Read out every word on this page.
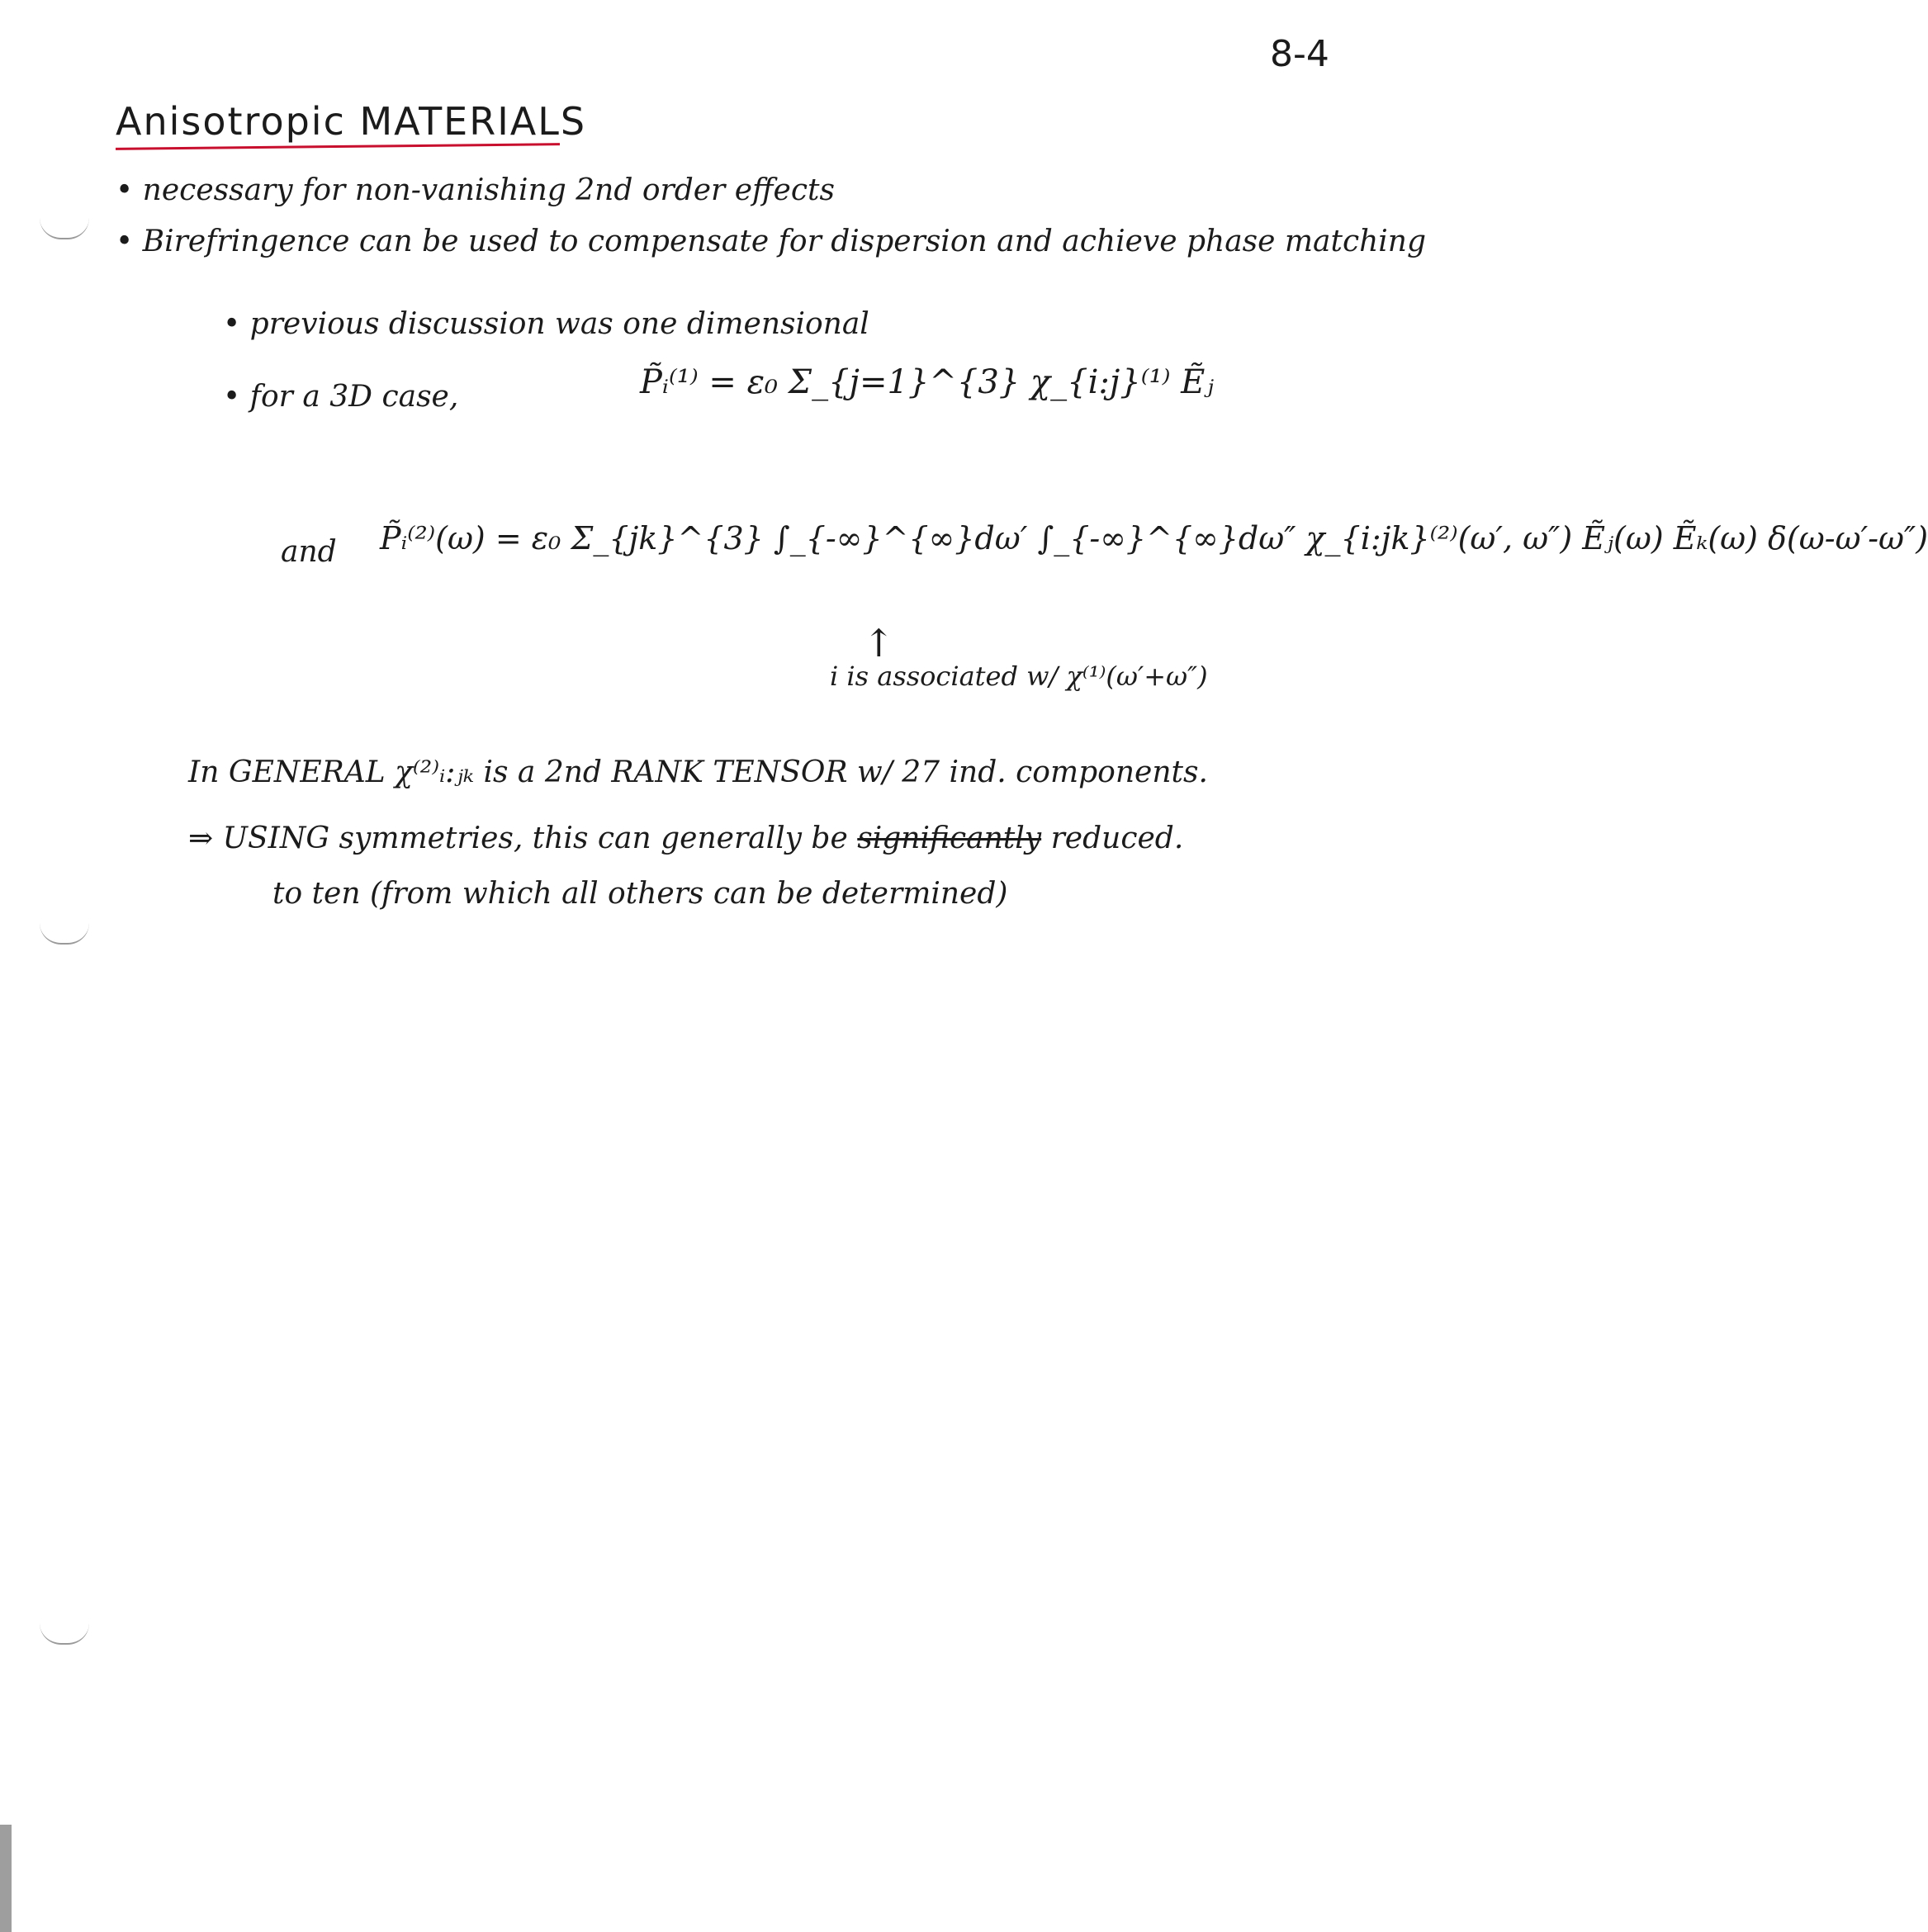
8-4
Anisotropic MATERIALS
• necessary for non-vanishing 2nd order effects
• Birefringence can be used to compensate for dispersion and achieve phase matching
• previous discussion was one dimensional
• for a 3D case,	P̃ᵢ⁽¹⁾ = ε₀ Σ_{j=1}^{3} χ_{i:j}⁽¹⁾ Ẽⱼ
and P̃ᵢ⁽²⁾(ω) = ε₀ Σ_{jk}^{3} ∫_{-∞}^{∞}dω′ ∫_{-∞}^{∞}dω″ χ_{i:jk}⁽²⁾(ω′, ω″) Ẽⱼ(ω) Ẽₖ(ω) δ(ω-ω′-ω″)
↑
i is associated w/ χ⁽¹⁾(ω′+ω″)
In GENERAL χ⁽²⁾ᵢ:ⱼₖ is a 2nd RANK TENSOR w/ 27 ind. components.
⇒ USING symmetries, this can generally be significantly reduced.
to ten (from which all others can be determined)
